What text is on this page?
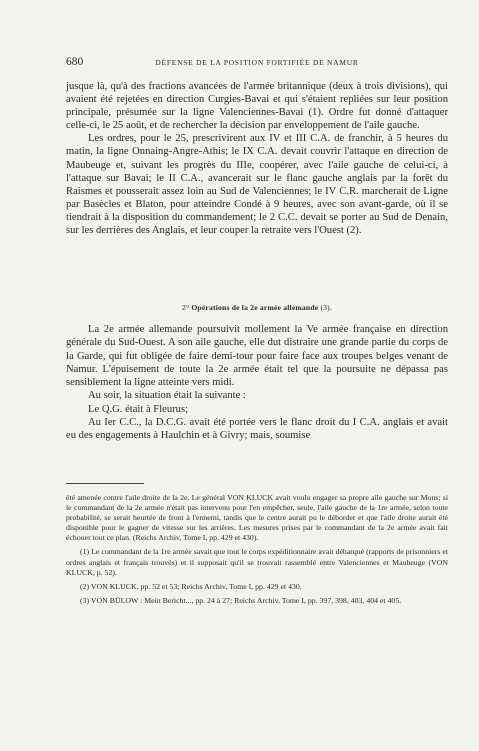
680	DÉFENSE DE LA POSITION FORTIFIÉE DE NAMUR

jusque là, qu'à des fractions avancées de l'armée britannique (deux à trois divisions), qui avaient été rejetées en direction Curgies-Bavai et qui s'étaient repliées sur leur position principale, présumée sur la ligne Valenciennes-Bavai (1). Ordre fut donné d'attaquer celle-ci, le 25 août, et de rechercher la décision par enveloppement de l'aile gauche.

Les ordres, pour le 25, prescrivirent aux IV et III C.A. de franchir, à 5 heures du matin, la ligne Onnaing-Angre-Athis; le IX C.A. devait couvrir l'attaque en direction de Maubeuge et, suivant les progrès du IIIe, coopérer, avec l'aile gauche de celui-ci, à l'attaque sur Bavai; le II C.A., avancerait sur le flanc gauche anglais par la forêt du Raismes et pousserait assez loin au Sud de Valenciennes; le IV C.R. marcherait de Ligne par Basècles et Blaton, pour atteindre Condé à 9 heures, avec son avant-garde, où il se tiendrait à la disposition du commandement; le 2 C.C. devait se porter au Sud de Denain, sur les derrières des Anglais, et leur couper la retraite vers l'Ouest (2).

2° Opérations de la 2e armée allemande (3).

La 2e armée allemande poursuivit mollement la Ve armée française en direction générale du Sud-Ouest. A son aile gauche, elle dut distraire une grande partie du corps de la Garde, qui fut obligée de faire demi-tour pour faire face aux troupes belges venant de Namur. L'épuisement de toute la 2e armée était tel que la poursuite ne dépassa pas sensiblement la ligne atteinte vers midi.

Au soir, la situation était la suivante :

Le Q.G. était à Fleurus;

Au Ier C.C., la D.C.G. avait été portée vers le flanc droit du I C.A. anglais et avait eu des engagements à Haulchin et à Givry; mais, soumise

été amenée contre l'aile droite de la 2e. Le général VON KLUCK avait voulu engager sa propre aile gauche sur Mons; si le commandant de la 2e armée n'était pas intervenu pour l'en empêcher, seule, l'aile gauche de la 1re armée, selon toute probabilité, se serait heurtée de front à l'ennemi, tandis que le centre aurait pu le déborder et que l'aile droite aurait été disponible pour le gagner de vitesse sur les arrières. Les mesures prises par le commandant de la 2e armée avait fait échouer tout ce plan. (Reichs Archiv, Tome I, pp. 429 et 430).

(1) Le commandant de la 1re armée savait que tout le corps expéditionnaire avait débarqué (rapports de prisonniers et ordres anglais et français trouvés) et il supposait qu'il se trouvait rassemblé entre Valenciennes et Maubeuge (VON KLUCK, p. 52).

(2) VON KLUCK, pp. 52 et 53; Reichs Archiv, Tome I, pp. 429 et 430.

(3) VON BÜLOW : Mein Bericht..., pp. 24 à 27; Reichs Archiv, Tome I, pp. 397, 398, 403, 404 et 405.
